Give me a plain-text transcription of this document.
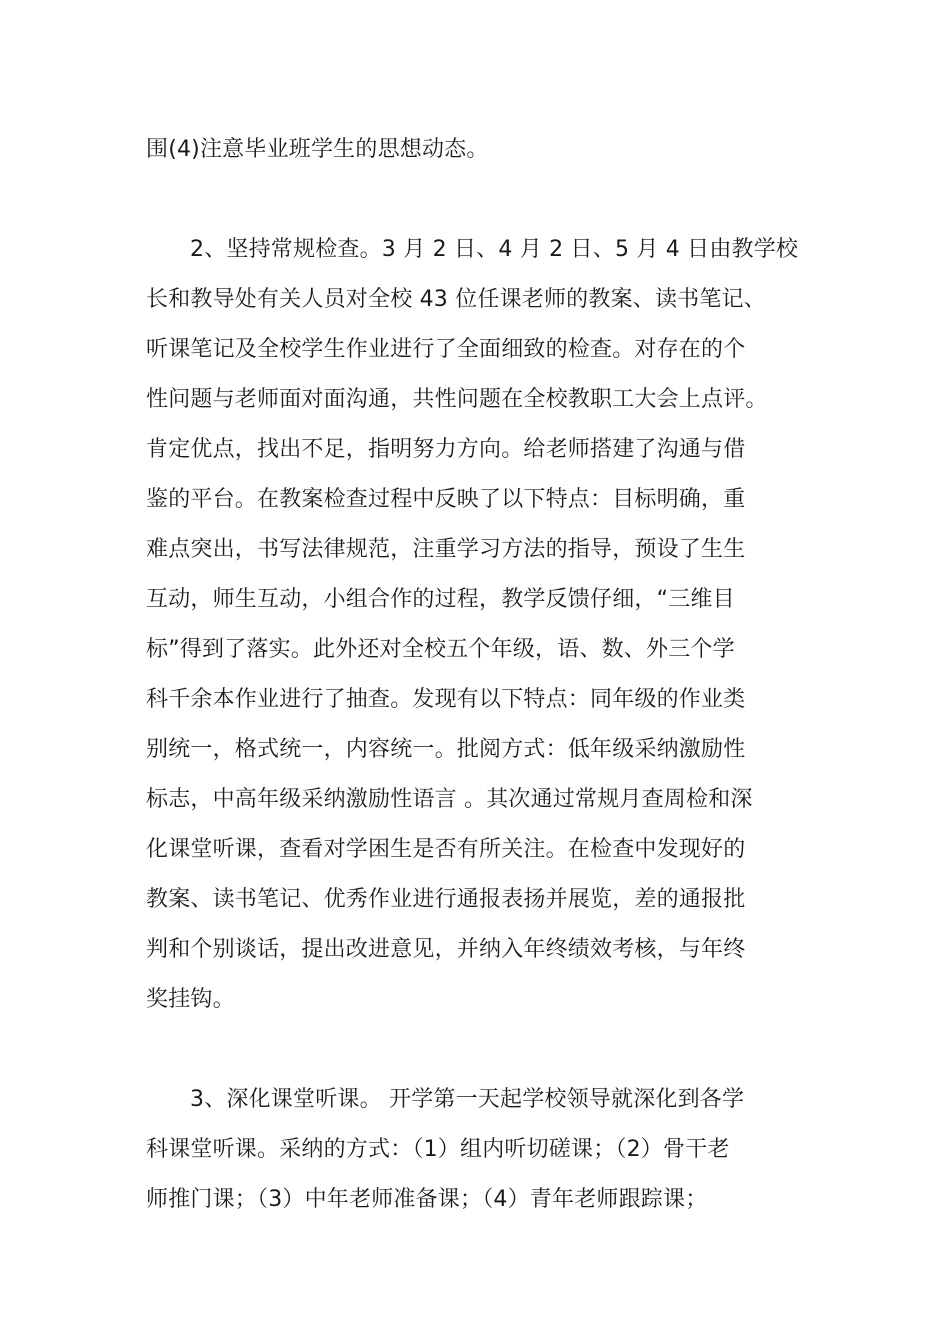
围(4)注意毕业班学生的思想动态。
2、坚持常规检查。3 月 2 日、4 月 2 日、5 月 4 日由教学校
长和教导处有关人员对全校 43 位任课老师的教案、读书笔记、
听课笔记及全校学生作业进行了全面细致的检查。对存在的个
性问题与老师面对面沟通，共性问题在全校教职工大会上点评。
肯定优点，找出不足，指明努力方向。给老师搭建了沟通与借
鉴的平台。在教案检查过程中反映了以下特点：目标明确，重
难点突出，书写法律规范，注重学习方法的指导，预设了生生
互动，师生互动，小组合作的过程，教学反馈仔细，“三维目
标”得到了落实。此外还对全校五个年级，语、数、外三个学
科千余本作业进行了抽查。发现有以下特点：同年级的作业类
别统一，格式统一，内容统一。批阅方式：低年级采纳激励性
标志，中高年级采纳激励性语言 。其次通过常规月查周检和深
化课堂听课，查看对学困生是否有所关注。在检查中发现好的
教案、读书笔记、优秀作业进行通报表扬并展览，差的通报批
判和个别谈话，提出改进意见，并纳入年终绩效考核，与年终
奖挂钩。
3、深化课堂听课。 开学第一天起学校领导就深化到各学
科课堂听课。采纳的方式：（1）组内听切磋课；（2）骨干老
师推门课；（3）中年老师准备课；（4）青年老师跟踪课；
